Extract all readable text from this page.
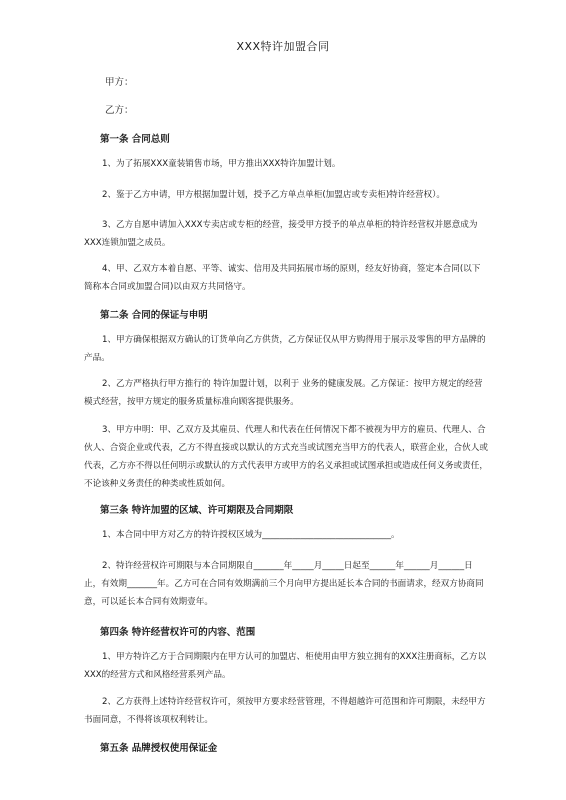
XXX特许加盟合同
甲方：
乙方：
第一条 合同总则
1、为了拓展XXX童装销售市场，甲方推出XXX特许加盟计划。
2、鉴于乙方申请，甲方根据加盟计划，授予乙方单点单柜(加盟店或专卖柜)特许经营权）。
3、乙方自愿申请加入XXX专卖店或专柜的经营，接受甲方授予的单点单柜的特许经营权并愿意成为XXX连锁加盟之成员。
4、甲、乙双方本着自愿、平等、诚实、信用及共同拓展市场的原则，经友好协商，签定本合同(以下简称本合同或加盟合同)以由双方共同恪守。
第二条 合同的保证与申明
1、甲方确保根据双方确认的订货单向乙方供货，乙方保证仅从甲方购得用于展示及零售的甲方品牌的产品。
2、乙方严格执行甲方推行的 特许加盟计划，以利于 业务的健康发展。乙方保证：按甲方规定的经营模式经营，按甲方规定的服务质量标准向顾客提供服务。
3、甲方申明：甲、乙双方及其雇员、代理人和代表在任何情况下都不被视为甲方的雇员、代理人、合伙人、合资企业或代表，乙方不得直接或以默认的方式充当或试图充当甲方的代表人，联营企业，合伙人或代表，乙方亦不得以任何明示或默认的方式代表甲方或甲方的名义承担或试图承担或造成任何义务或责任，不论该种义务责任的种类或性质如何。
第三条 特许加盟的区域、许可期限及合同期限
1、本合同中甲方对乙方的特许授权区域为______________________________。
2、特许经营权许可期限与本合同期限自_______年_____月_____日起至______年______月______日止，有效期_______年。乙方可在合同有效期满前三个月向甲方提出延长本合同的书面请求，经双方协商同意，可以延长本合同有效期壹年。
第四条 特许经营权许可的内容、范围
1、甲方特许乙方于合同期限内在甲方认可的加盟店、柜使用由甲方独立拥有的XXX注册商标，乙方以XXX的经营方式和风格经营系列产品。
2、乙方获得上述特许经营权许可，须按甲方要求经营管理，不得超越许可范围和许可期限，未经甲方书面同意，不得将该项权利转让。
第五条 品牌授权使用保证金
